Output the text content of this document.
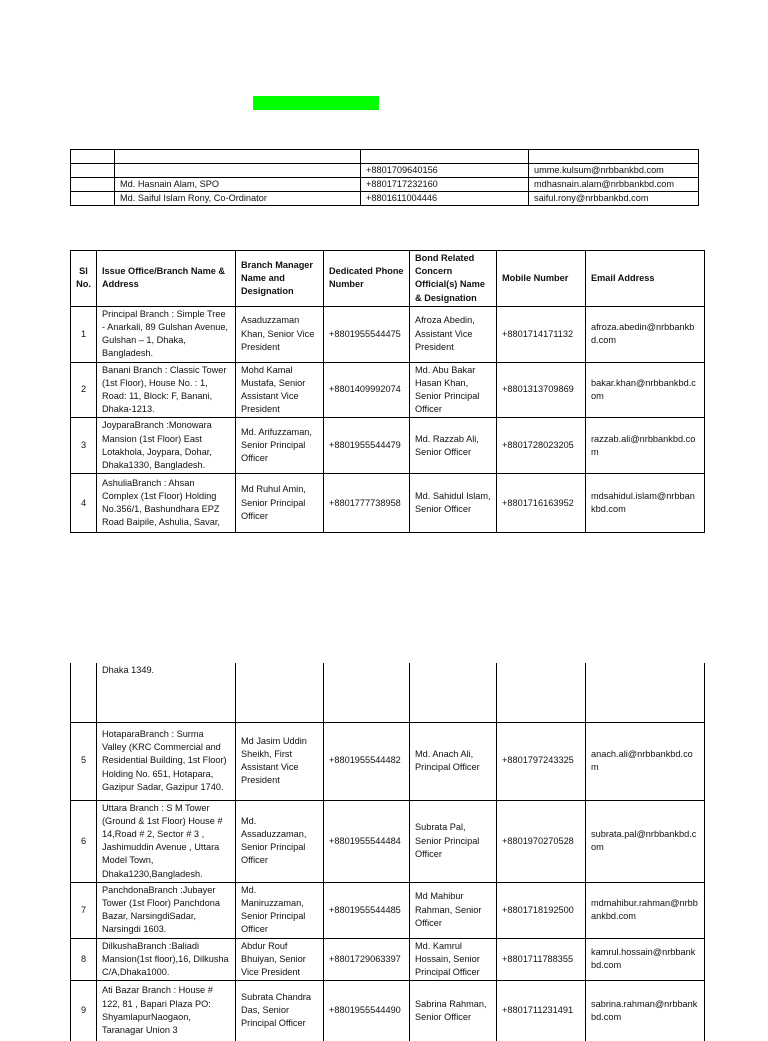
		+8801709640156	umme.kulsum@nrbbankbd.com
	Md. Hasnain Alam, SPO	+8801717232160	mdhasnain.alam@nrbbankbd.com
	Md. Saiful Islam Rony, Co-Ordinator	+8801611004446	saiful.rony@nrbbankbd.com
Sl No.	Issue Office/Branch Name & Address	Branch Manager Name and Designation	Dedicated Phone Number	Bond Related Concern Official(s) Name & Designation	Mobile Number	Email Address
1	Principal Branch : Simple Tree - Anarkali, 89 Gulshan Avenue, Gulshan – 1, Dhaka, Bangladesh.	Asaduzzaman Khan, Senior Vice President	+8801955544475	Afroza Abedin, Assistant Vice President	+8801714171132	afroza.abedin@nrbbankbd.com
2	Banani Branch : Classic Tower (1st Floor), House No. : 1, Road: 11, Block: F, Banani, Dhaka-1213.	Mohd Kamal Mustafa, Senior Assistant Vice President	+8801409992074	Md. Abu Bakar Hasan Khan, Senior Principal Officer	+8801313709869	bakar.khan@nrbbankbd.com
3	JoyparaBranch :Monowara Mansion (1st Floor) East Lotakhola, Joypara, Dohar, Dhaka1330, Bangladesh.	Md. Arifuzzaman, Senior Principal Officer	+8801955544479	Md. Razzab Ali, Senior Officer	+8801728023205	razzab.ali@nrbbankbd.com
4	AshuliaBranch : Ahsan Complex (1st Floor) Holding No.356/1, Bashundhara EPZ Road Baipile, Ashulia, Savar,	Md Ruhul Amin, Senior Principal Officer	+8801777738958	Md. Sahidul Islam, Senior Officer	+8801716163952	mdsahidul.islam@nrbbankbd.com
	Dhaka 1349.					
5	HotaparaBranch : Surma Valley (KRC Commercial and Residential Building, 1st Floor) Holding No. 651, Hotapara, Gazipur Sadar, Gazipur 1740.	Md Jasim Uddin Sheikh, First Assistant Vice President	+8801955544482	Md. Anach Ali, Principal Officer	+8801797243325	anach.ali@nrbbankbd.com
6	Uttara Branch : S M Tower (Ground & 1st Floor) House # 14,Road # 2, Sector # 3 , Jashimuddin Avenue , Uttara Model Town, Dhaka1230,Bangladesh.	Md. Assaduzzaman, Senior Principal Officer	+8801955544484	Subrata Pal, Senior Principal Officer	+8801970270528	subrata.pal@nrbbankbd.com
7	PanchdonaBranch :Jubayer Tower (1st Floor) Panchdona Bazar, NarsingdiSadar, Narsingdi 1603.	Md. Maniruzzaman, Senior Principal Officer	+8801955544485	Md Mahibur Rahman, Senior Officer	+8801718192500	mdmahibur.rahman@nrbbankbd.com
8	DilkushaBranch :Baliadi Mansion(1st floor),16, Dilkusha C/A,Dhaka1000.	Abdur Rouf Bhuiyan, Senior Vice President	+8801729063397	Md. Kamrul Hossain, Senior Principal Officer	+8801711788355	kamrul.hossain@nrbbankbd.com
9	Ati Bazar Branch : House # 122, 81 , Bapari Plaza PO: ShyamlapurNaogaon, Taranagar Union 3	Subrata Chandra Das, Senior Principal Officer	+8801955544490	Sabrina Rahman, Senior Officer	+8801711231491	sabrina.rahman@nrbbankbd.com
